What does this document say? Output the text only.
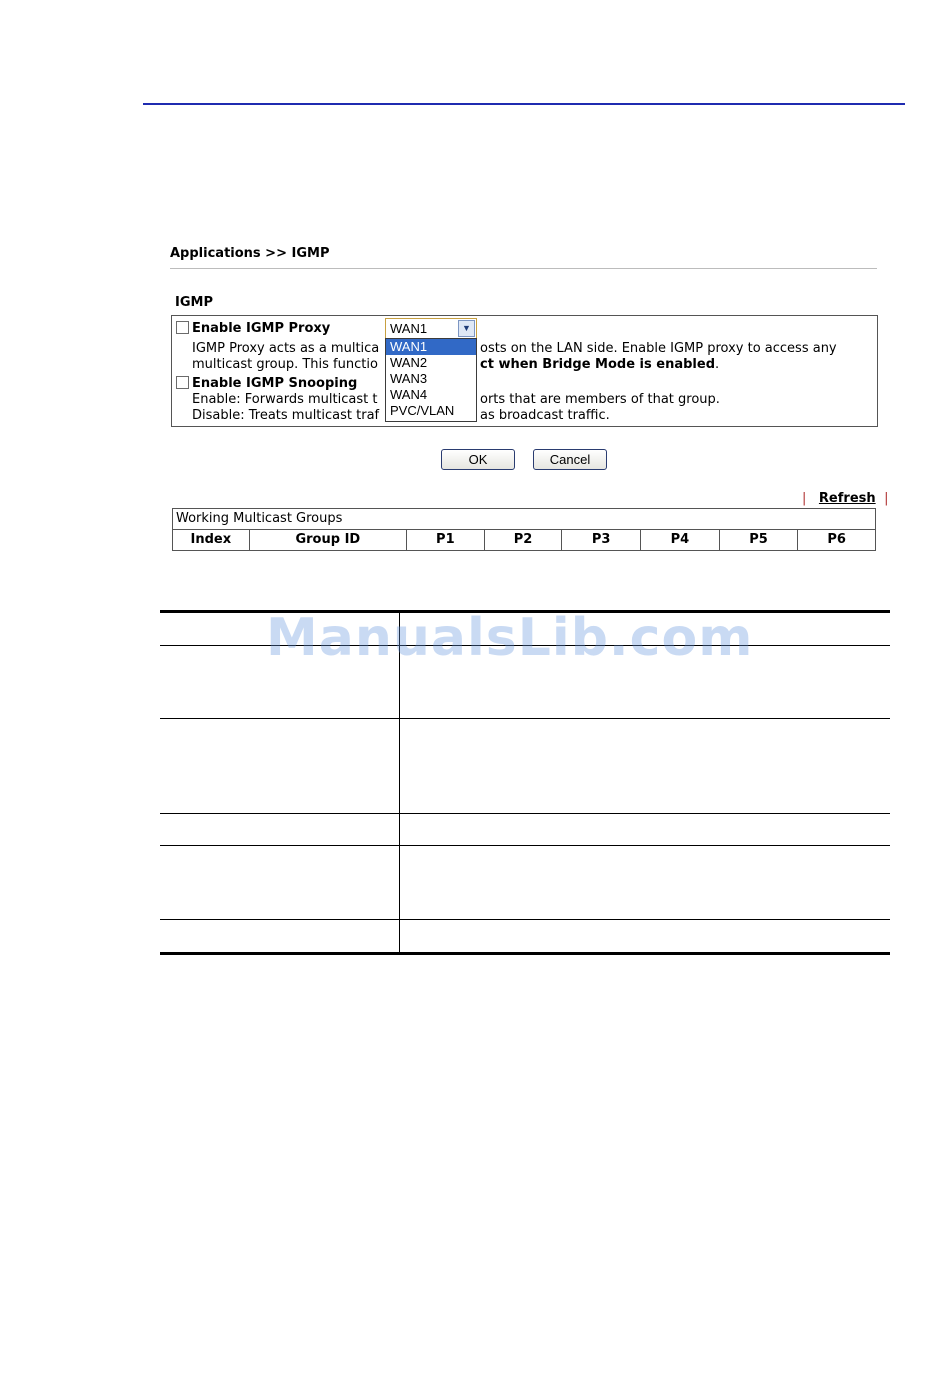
Applications >> IGMP
IGMP
Enable IGMP Proxy
IGMP Proxy acts as a multica	osts on the LAN side. Enable IGMP proxy to access any
multicast group. This functio	ct when Bridge Mode is enabled.
Enable IGMP Snooping
Enable: Forwards multicast t	orts that are members of that group.
Disable: Treats multicast traf	as broadcast traffic.
WAN1	▼
WAN1
WAN2
WAN3
WAN4
PVC/VLAN
OK	Cancel
| Refresh |
Working Multicast Groups
Index	Group ID	P1	P2	P3	P4	P5	P6
ManualsLib.com
